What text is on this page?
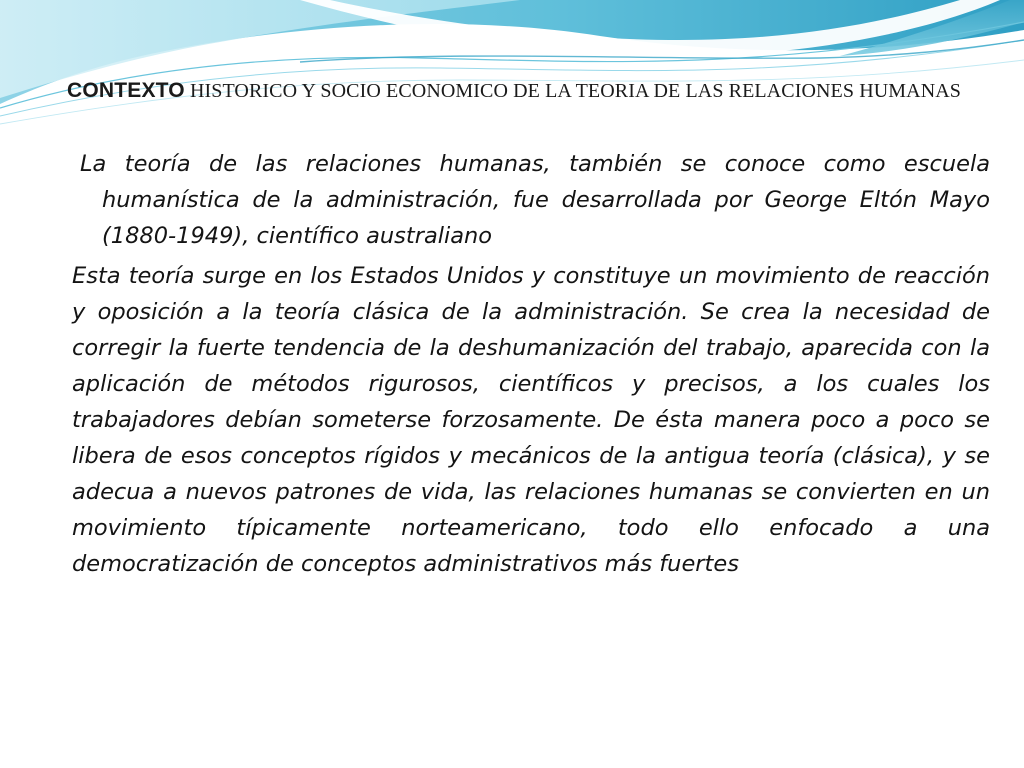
CONTEXTO HISTORICO Y SOCIO ECONOMICO DE LA TEORIA DE LAS RELACIONES HUMANAS

La teoría de las relaciones humanas, también se conoce como escuela humanística de la administración, fue desarrollada por George Eltón Mayo (1880-1949), científico australiano

Esta teoría surge en los Estados Unidos y constituye un movimiento de reacción y oposición a la teoría clásica de la administración. Se crea la necesidad de corregir la fuerte tendencia de la deshumanización del trabajo, aparecida con la aplicación de métodos rigurosos, científicos y precisos, a los cuales los trabajadores debían someterse forzosamente. De ésta manera poco a poco se libera de esos conceptos rígidos y mecánicos de la antigua teoría (clásica), y se adecua a nuevos patrones de vida, las relaciones humanas se convierten en un movimiento típicamente norteamericano, todo ello enfocado a una democratización de conceptos administrativos más fuertes
